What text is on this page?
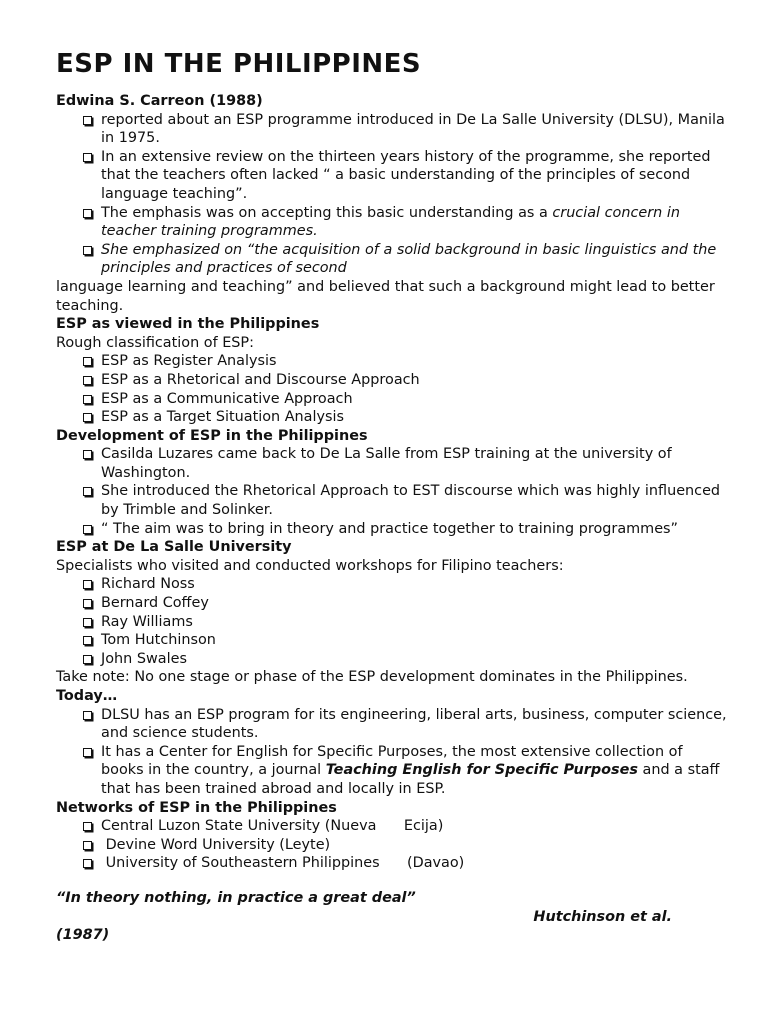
ESP IN THE PHILIPPINES

Edwina S. Carreon (1988)

reported about an ESP programme introduced in De La Salle University (DLSU), Manila in 1975.
In an extensive review on the thirteen years history of the programme, she reported that the teachers often lacked “ a basic understanding of the principles of second language teaching”.
The emphasis was on accepting this basic understanding as a crucial concern in teacher training programmes.
She emphasized on “the acquisition of a solid background in basic linguistics and the principles and practices of second

language learning and teaching” and believed that such a background might lead to better teaching.

ESP as viewed in the Philippines

Rough classification of ESP:

ESP as Register Analysis
ESP as a Rhetorical and Discourse Approach
ESP as a Communicative Approach
ESP as a Target Situation Analysis

Development of ESP in the Philippines

Casilda Luzares came back to De La Salle from ESP training at the university of Washington.
She introduced the Rhetorical Approach to EST discourse which was highly influenced by Trimble and Solinker.
“ The aim was to bring in theory and practice together to training programmes”

ESP at De La Salle University

Specialists who visited and conducted workshops for Filipino teachers:

Richard Noss
Bernard Coffey
Ray Williams
Tom Hutchinson
John Swales

Take note: No one stage or phase of the ESP development dominates in the Philippines.

Today…

DLSU has an ESP program for its engineering, liberal arts, business, computer science, and science students.
It has a Center for English for Specific Purposes, the most extensive collection of books in the country, a journal Teaching English for Specific Purposes and a staff that has been trained abroad and locally in ESP.

Networks of ESP in the Philippines

Central Luzon State University (Nueva      Ecija)
Devine Word University (Leyte)
University of Southeastern Philippines      (Davao)

“In theory nothing, in practice a great deal”

Hutchinson et al.

(1987)
